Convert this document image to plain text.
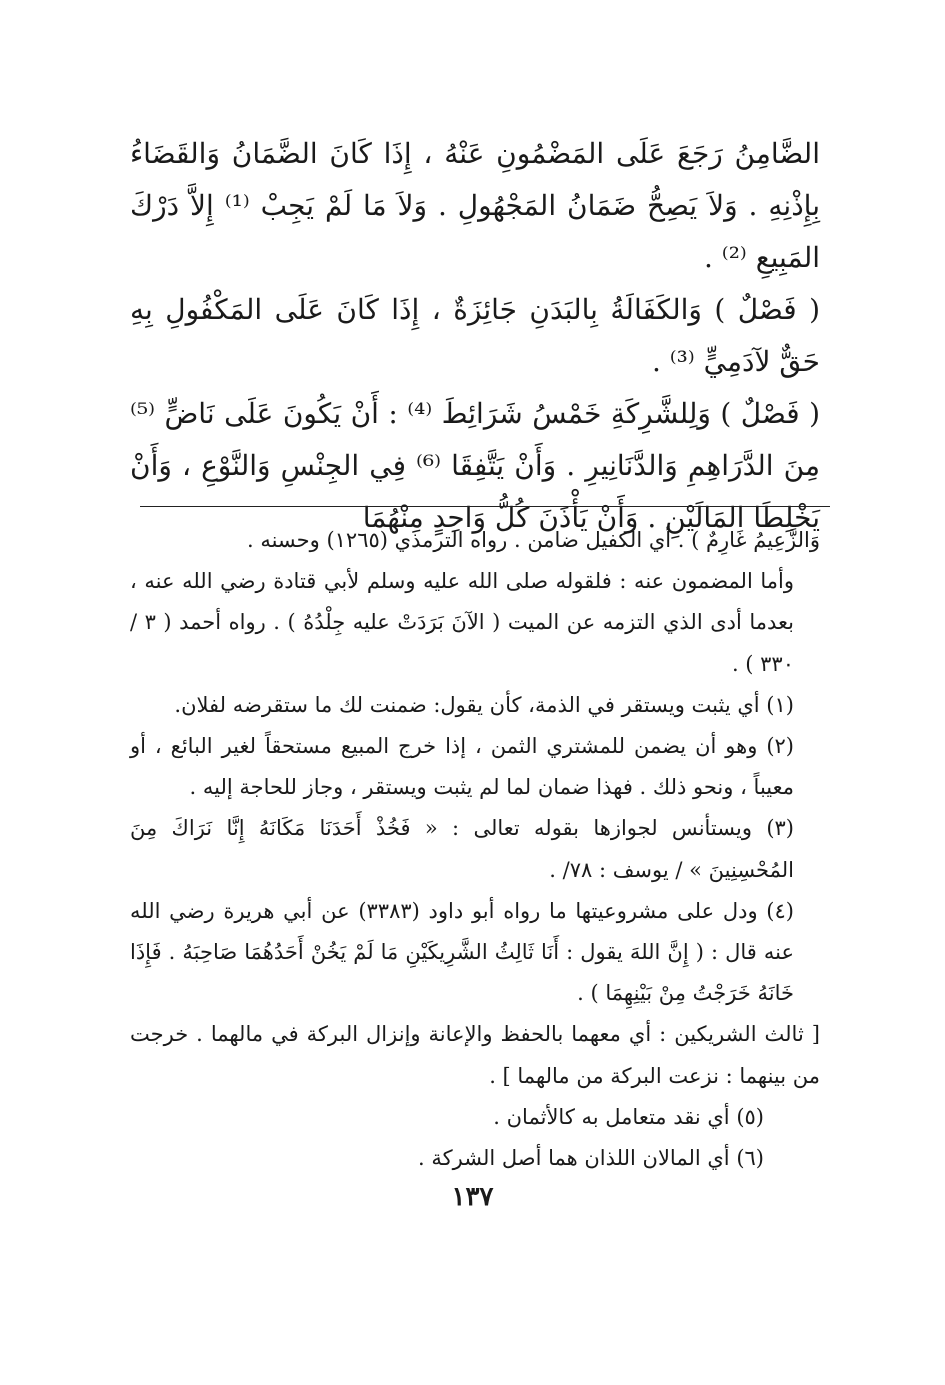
الضَّامِنُ رَجَعَ عَلَى المَضْمُونِ عَنْهُ ، إِذَا كَانَ الضَّمَانُ وَالقَضَاءُ بِإِذْنِهِ . وَلاَ يَصِحُّ ضَمَانُ المَجْهُولِ . وَلاَ مَا لَمْ يَجِبْ ⁽¹⁾ إِلاَّ دَرْكَ المَبِيعِ ⁽²⁾ .

( فَصْلٌ ) وَالكَفَالَةُ بِالبَدَنِ جَائِزَةٌ ، إِذَا كَانَ عَلَى المَكْفُولِ بِهِ حَقٌّ لآدَمِيٍّ ⁽³⁾ .

( فَصْلٌ ) وَلِلشَّرِكَةِ خَمْسُ شَرَائِطَ ⁽⁴⁾ : أَنْ يَكُونَ عَلَى نَاضٍّ ⁽⁵⁾ مِنَ الدَّرَاهِمِ وَالدَّنَانِيرِ . وَأَنْ يَتَّفِقَا ⁽⁶⁾ فِي الجِنْسِ وَالنَّوْعِ ، وَأَنْ يَخْلِطَا المَالَيْنِ . وَأَنْ يَأْذَنَ كُلُّ وَاحِدٍ مِنْهُمَا

وَالزَّعِيمُ غَارِمٌ ) . أي الكفيل ضامن . رواه الترمذي (١٢٦٥) وحسنه .

وأما المضمون عنه : فلقوله صلى الله عليه وسلم لأبي قتادة رضي الله عنه ، بعدما أدى الذي التزمه عن الميت ( الآنَ بَرَدَتْ عليه جِلْدُهُ ) . رواه أحمد ( ٣ / ٣٣٠ ) .

(١) أي يثبت ويستقر في الذمة، كأن يقول: ضمنت لك ما ستقرضه لفلان.

(٢) وهو أن يضمن للمشتري الثمن ، إذا خرج المبيع مستحقاً لغير البائع ، أو معيباً ، ونحو ذلك . فهذا ضمان لما لم يثبت ويستقر ، وجاز للحاجة إليه .

(٣) ويستأنس لجوازها بقوله تعالى : « فَخُذْ أَحَدَنَا مَكَانَهُ إِنَّا نَرَاكَ مِنَ المُحْسِنِينَ » / يوسف : ٧٨/ .

(٤) ودل على مشروعيتها ما رواه أبو داود (٣٣٨٣) عن أبي هريرة رضي الله عنه قال : ( إِنَّ اللهَ يقول : أَنَا ثَالِثُ الشَّرِيكَيْنِ مَا لَمْ يَخُنْ أَحَدُهُمَا صَاحِبَهُ . فَإِذَا خَانَهُ خَرَجْتُ مِنْ بَيْنِهِمَا ) .

[ ثالث الشريكين : أي معهما بالحفظ والإعانة وإنزال البركة في مالهما . خرجت من بينهما : نزعت البركة من مالهما ] .

(٥) أي نقد متعامل به كالأثمان .

(٦) أي المالان اللذان هما أصل الشركة .

١٣٧
